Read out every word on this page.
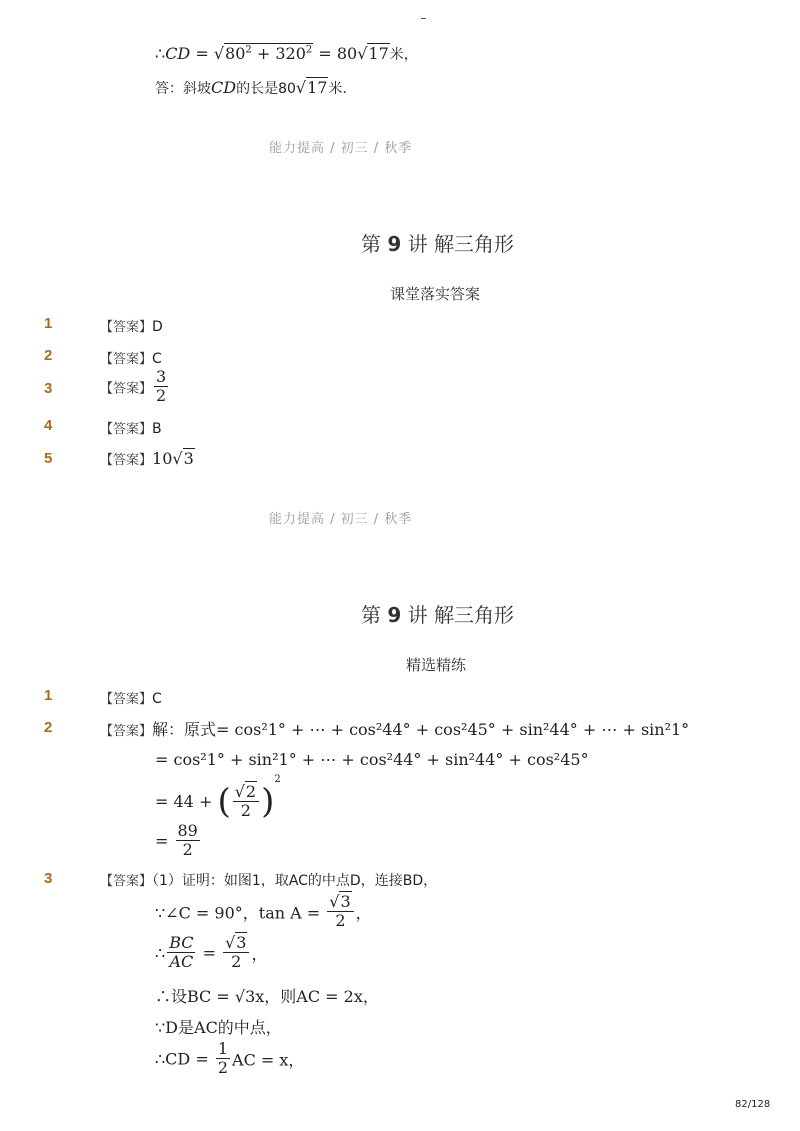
∴CD = $√80^2 + 320^2 = 80√17$米，
答：斜坡CD的长是80√17米．
能力提高 / 初三 / 秋季
第 9 讲 解三角形
课堂落实答案
1	【答案】D
2	【答案】C
3	【答案】 $\frac{3}{2}$
4	【答案】B
5	【答案】10√3
能力提高 / 初三 / 秋季
第 9 讲 解三角形
精选精练
1	【答案】C
2	【答案】解：原式= cos²1° + ⋯ + cos²44° + cos²45° + sin²44° + ⋯ + sin²1°
= cos²1° + sin²1° + ⋯ + cos²44° + sin²44° + cos²45°
= 44 + ( $\frac{√2}{2} )^2$
= $\frac{89}{2}$
3	【答案】（1）证明：如图1，取AC的中点D，连接BD，
∵∠C = 90°，$\tan A = \frac{√3}{2}$ ，
∴ $\frac{BC}{AC} = \frac{√3}{2}$ ，
∴设BC = √3x，则AC = 2x，
∵D是AC的中点，
∴CD = $\frac{1}{2}$ AC = x，
82/128
